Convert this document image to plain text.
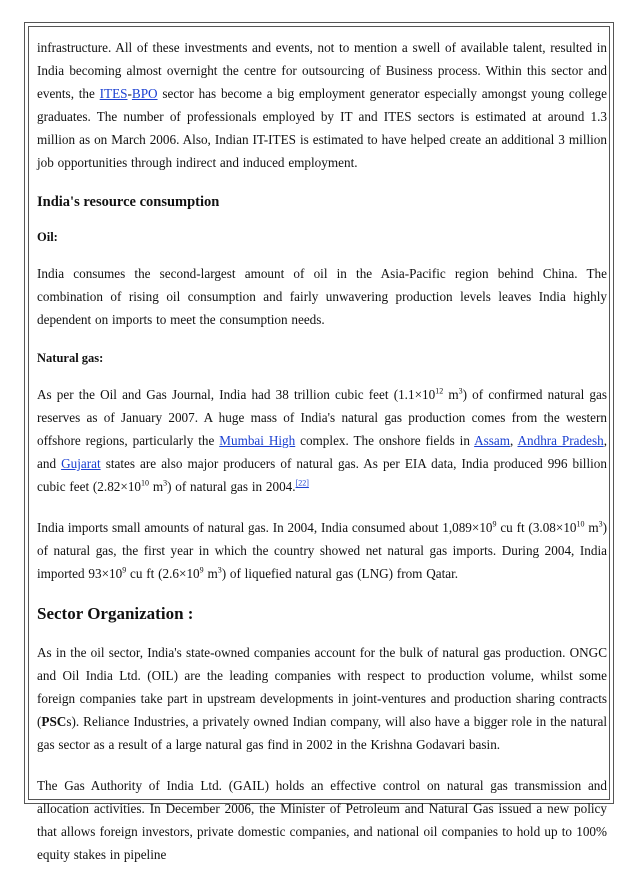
infrastructure. All of these investments and events, not to mention a swell of available talent, resulted in India becoming almost overnight the centre for outsourcing of Business process. Within this sector and events, the ITES-BPO sector has become a big employment generator especially amongst young college graduates. The number of professionals employed by IT and ITES sectors is estimated at around 1.3 million as on March 2006. Also, Indian IT-ITES is estimated to have helped create an additional 3 million job opportunities through indirect and induced employment.

India's resource consumption
Oil:

India consumes the second-largest amount of oil in the Asia-Pacific region behind China. The combination of rising oil consumption and fairly unwavering production levels leaves India highly dependent on imports to meet the consumption needs.

Natural gas:

As per the Oil and Gas Journal, India had 38 trillion cubic feet ($1.1\times 10^{12}$ $m^3$) of confirmed natural gas reserves as of January 2007. A huge mass of India's natural gas production comes from the western offshore regions, particularly the Mumbai High complex. The onshore fields in Assam, Andhra Pradesh, and Gujarat states are also major producers of natural gas. As per EIA data, India produced 996 billion cubic feet ($2.82\times 10^{10}$ $m^3$) of natural gas in 2004.[22]

India imports small amounts of natural gas. In 2004, India consumed about $1,089\times 10^9$ cu ft ($3.08\times 10^{10}$ $m^3$) of natural gas, the first year in which the country showed net natural gas imports. During 2004, India imported $93\times 10^9$ cu ft ($2.6\times 10^9$ $m^3$) of liquefied natural gas (LNG) from Qatar.

Sector Organization :

As in the oil sector, India's state-owned companies account for the bulk of natural gas production. ONGC and Oil India Ltd. (OIL) are the leading companies with respect to production volume, whilst some foreign companies take part in upstream developments in joint-ventures and production sharing contracts (PSCs). Reliance Industries, a privately owned Indian company, will also have a bigger role in the natural gas sector as a result of a large natural gas find in 2002 in the Krishna Godavari basin.

The Gas Authority of India Ltd. (GAIL) holds an effective control on natural gas transmission and allocation activities. In December 2006, the Minister of Petroleum and Natural Gas issued a new policy that allows foreign investors, private domestic companies, and national oil companies to hold up to 100% equity stakes in pipeline
